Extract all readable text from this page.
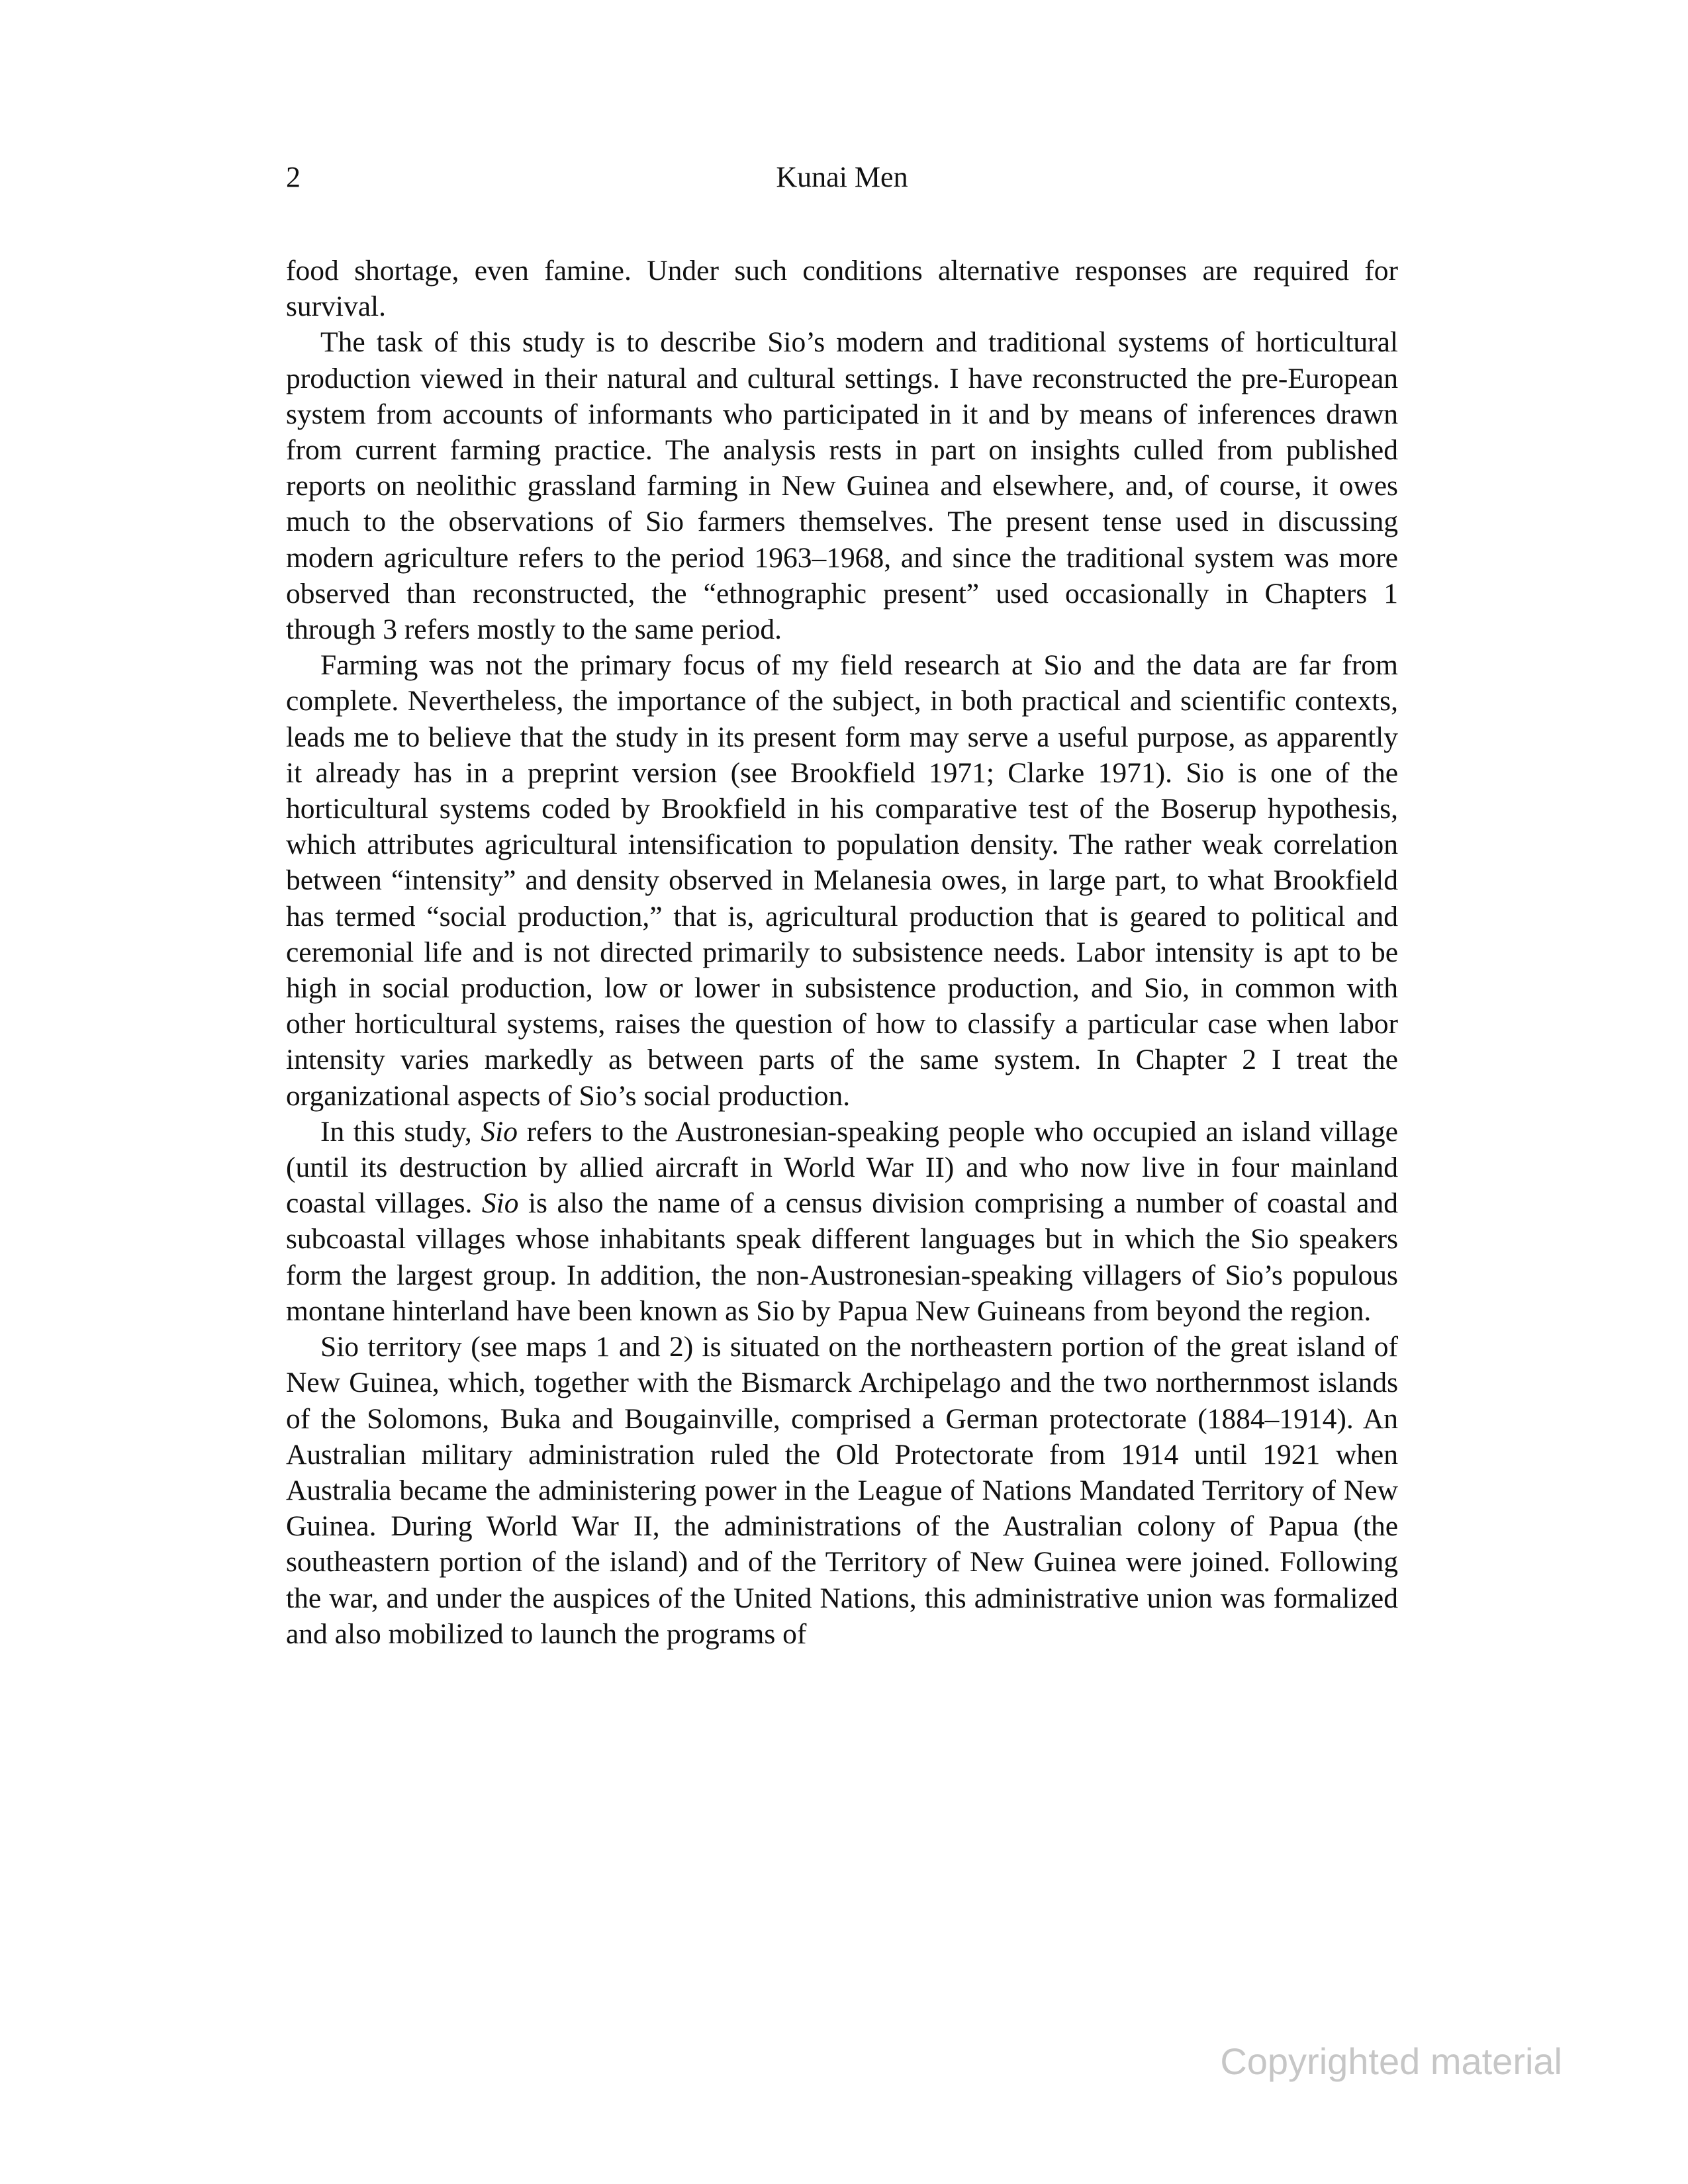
2	Kunai Men

food shortage, even famine. Under such conditions alternative responses are required for survival.

The task of this study is to describe Sio’s modern and traditional systems of horticultural production viewed in their natural and cultural settings. I have reconstructed the pre-European system from accounts of informants who participated in it and by means of inferences drawn from current farming practice. The analysis rests in part on insights culled from published reports on neolithic grassland farming in New Guinea and elsewhere, and, of course, it owes much to the observations of Sio farmers themselves. The present tense used in discussing modern agriculture refers to the period 1963–1968, and since the traditional system was more observed than reconstructed, the “ethnographic present” used occasionally in Chapters 1 through 3 refers mostly to the same period.

Farming was not the primary focus of my field research at Sio and the data are far from complete. Nevertheless, the importance of the subject, in both practical and scientific contexts, leads me to believe that the study in its present form may serve a useful purpose, as apparently it already has in a preprint version (see Brookfield 1971; Clarke 1971). Sio is one of the horticultural systems coded by Brookfield in his comparative test of the Boserup hypothesis, which attributes agricultural intensification to population density. The rather weak correlation between “intensity” and density observed in Melanesia owes, in large part, to what Brookfield has termed “social production,” that is, agricultural production that is geared to political and ceremonial life and is not directed primarily to subsistence needs. Labor intensity is apt to be high in social production, low or lower in subsistence production, and Sio, in common with other horticultural systems, raises the question of how to classify a particular case when labor intensity varies markedly as between parts of the same system. In Chapter 2 I treat the organizational aspects of Sio’s social production.

In this study, Sio refers to the Austronesian-speaking people who occupied an island village (until its destruction by allied aircraft in World War II) and who now live in four mainland coastal villages. Sio is also the name of a census division comprising a number of coastal and subcoastal villages whose inhabitants speak different languages but in which the Sio speakers form the largest group. In addition, the non-Austronesian-speaking villagers of Sio’s populous montane hinterland have been known as Sio by Papua New Guineans from beyond the region.

Sio territory (see maps 1 and 2) is situated on the northeastern portion of the great island of New Guinea, which, together with the Bismarck Archipelago and the two northernmost islands of the Solomons, Buka and Bougainville, comprised a German protectorate (1884–1914). An Australian military administration ruled the Old Protectorate from 1914 until 1921 when Australia became the administering power in the League of Nations Mandated Territory of New Guinea. During World War II, the administrations of the Australian colony of Papua (the southeastern portion of the island) and of the Territory of New Guinea were joined. Following the war, and under the auspices of the United Nations, this administrative union was formalized and also mobilized to launch the programs of

Copyrighted material
